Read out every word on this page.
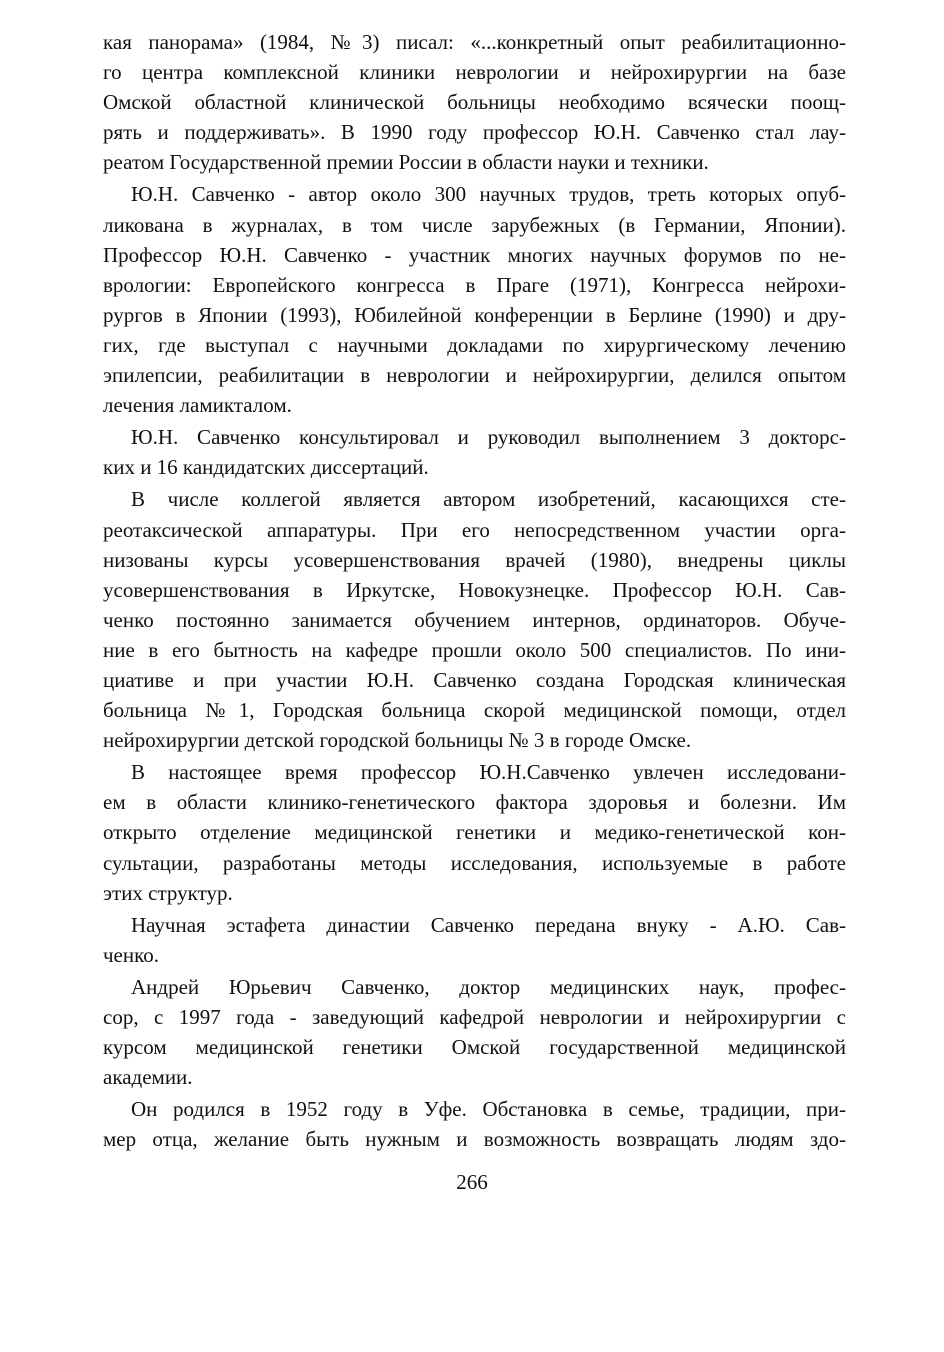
кая панорама» (1984, №3) писал: «...конкретный опыт реабилитационно-
го центра комплексной клиники неврологии и нейрохирургии на базе
Омской областной клинической больницы необходимо всячески поощ-
рять и поддерживать». В 1990 году профессор Ю.Н. Савченко стал лау-
реатом Государственной премии России в области науки и техники.
Ю.Н. Савченко - автор около 300 научных трудов, треть которых опуб-
ликована в журналах, в том числе зарубежных (в Германии, Японии).
Профессор Ю.Н. Савченко - участник многих научных форумов по не-
врологии: Европейского конгресса в Праге (1971), Конгресса нейрохи-
рургов в Японии (1993), Юбилейной конференции в Берлине (1990) и дру-
гих, где выступал с научными докладами по хирургическому лечению
эпилепсии, реабилитации в неврологии и нейрохирургии, делился опытом
лечения ламикталом.
Ю.Н. Савченко консультировал и руководил выполнением 3 докторс-
ких и 16 кандидатских диссертаций.
В числе коллегой является автором изобретений, касающихся сте-
реотаксической аппаратуры. При его непосредственном участии орга-
низованы курсы усовершенствования врачей (1980), внедрены циклы
усовершенствования в Иркутске, Новокузнецке. Профессор Ю.Н. Сав-
ченко постоянно занимается обучением интернов, ординаторов. Обуче-
ние в его бытность на кафедре прошли около 500 специалистов. По ини-
циативе и при участии Ю.Н. Савченко создана Городская клиническая
больница №1, Городская больница скорой медицинской помощи, отдел
нейрохирургии детской городской больницы № 3 в городе Омске.
В настоящее время профессор Ю.Н.Савченко увлечен исследовани-
ем в области клинико-генетического фактора здоровья и болезни. Им
открыто отделение медицинской генетики и медико-генетической кон-
сультации, разработаны методы исследования, используемые в работе
этих структур.
Научная эстафета династии Савченко передана внуку - А.Ю. Сав-
ченко.
Андрей Юрьевич Савченко, доктор медицинских наук, профес-
сор, с 1997 года - заведующий кафедрой неврологии и нейрохирургии с
курсом медицинской генетики Омской государственной медицинской
академии.
Он родился в 1952 году в Уфе. Обстановка в семье, традиции, при-
мер отца, желание быть нужным и возможность возвращать людям здо-
266
